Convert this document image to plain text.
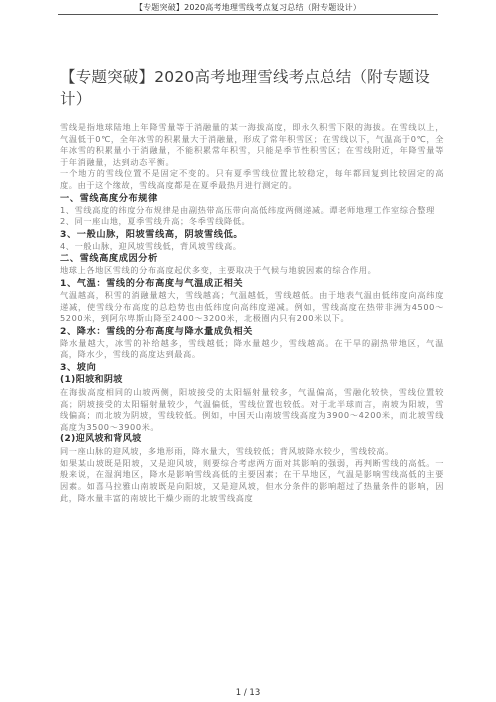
【专题突破】2020高考地理雪线考点复习总结（附专题设计）
【专题突破】2020高考地理雪线考点总结（附专题设计）

雪线是指地球陆地上年降雪量等于消融量的某一海拔高度，即永久积雪下限的海拔。在雪线以上，气温低于0℃，全年冰雪的积累量大于消融量，形成了常年积雪区；在雪线以下，气温高于0℃，全年冰雪的积累量小于消融量，不能积累常年积雪，只能是季节性积雪区；在雪线附近，年降雪量等于年消融量，达到动态平衡。

一个地方的雪线位置不是固定不变的。只有夏季雪线位置比较稳定，每年都回复到比较固定的高度。由于这个缘故，雪线高度都是在夏季最热月进行测定的。

一、雪线高度分布规律

1、雪线高度的纬度分布规律是由副热带高压带向高低纬度两侧递减。谭老师地理工作室综合整理

2、同一座山地，夏季雪线升高；冬季雪线降低。

3、一般山脉，阳坡雪线高，阴坡雪线低。

4、一般山脉，迎风坡雪线低，背风坡雪线高。

二、雪线高度成因分析

地球上各地区雪线的分布高度起伏多变，主要取决于气候与地貌因素的综合作用。

1、气温：雪线的分布高度与气温成正相关

气温越高，积雪的消融量越大，雪线越高；气温越低，雪线越低。由于地表气温由低纬度向高纬度递减，使雪线分布高度的总趋势也由低纬度向高纬度递减。例如，雪线高度在热带非洲为4500～5200米，到阿尔卑斯山降至2400～3200米，北极圈内只有200米以下。

2、降水：雪线的分布高度与降水量成负相关

降水量越大，冰雪的补给越多，雪线越低；降水量越少，雪线越高。在干旱的副热带地区，气温高，降水少，雪线的高度达到最高。

3、坡向
(1)阳坡和阴坡

在海拔高度相同的山坡两侧，阳坡接受的太阳辐射量较多，气温偏高，雪融化较快，雪线位置较高；阴坡接受的太阳辐射量较少，气温偏低，雪线位置也较低。对于北半球而言，南坡为阳坡，雪线偏高；而北坡为阴坡，雪线较低。例如，中国天山南坡雪线高度为3900～4200米，而北坡雪线高度为3500～3900米。

(2)迎风坡和背风坡

同一座山脉的迎风坡，多地形雨，降水量大，雪线较低；背风坡降水较少，雪线较高。

如果某山坡既是阳坡，又是迎风坡，则要综合考虑两方面对其影响的强弱，再判断雪线的高低。一般来说，在湿润地区，降水是影响雪线高低的主要因素；在干旱地区，气温是影响雪线高低的主要因素。如喜马拉雅山南坡既是向阳坡，又是迎风坡，但水分条件的影响超过了热量条件的影响，因此，降水量丰富的南坡比干燥少雨的北坡雪线高度

1 / 13
